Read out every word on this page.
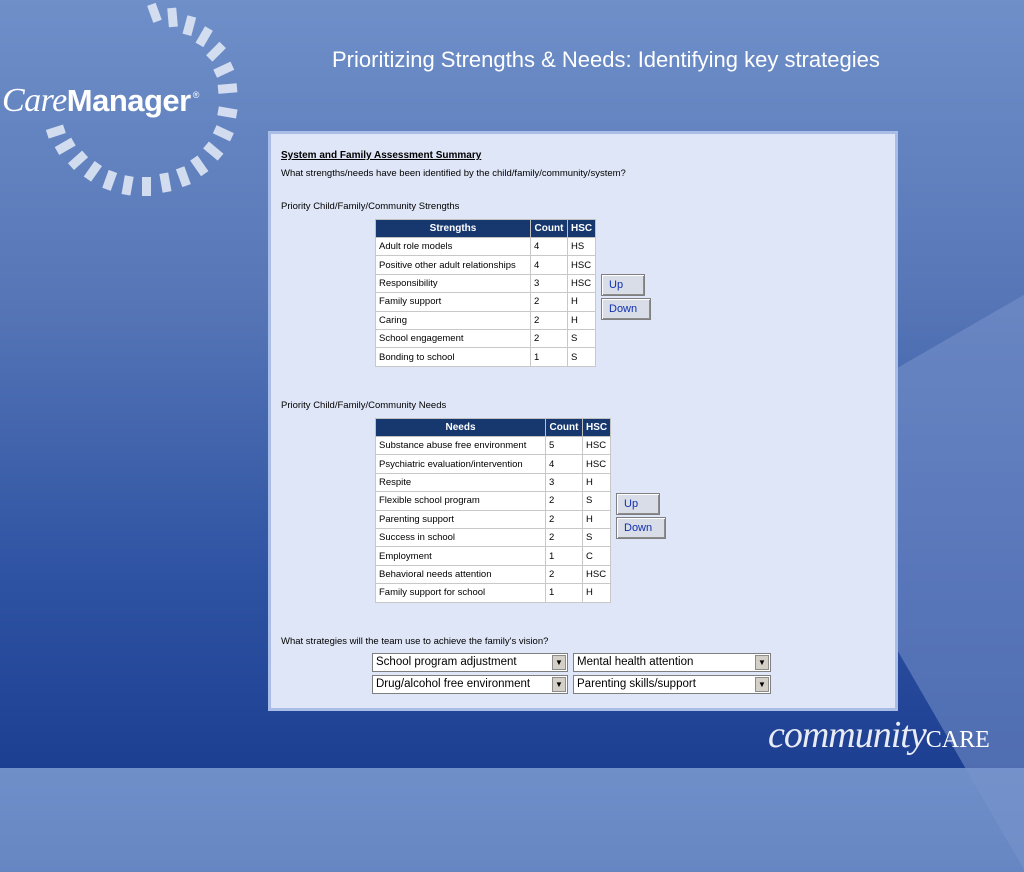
CareManager ®
Prioritizing Strengths & Needs: Identifying key strategies
System and Family Assessment Summary
What strengths/needs have been identified by the child/family/community/system?
Priority Child/Family/Community Strengths
Strengths	Count	HSC
Adult role models	4	HS
Positive other adult relationships	4	HSC
Responsibility	3	HSC
Family support	2	H
Caring	2	H
School engagement	2	S
Bonding to school	1	S
Up
Down
Priority Child/Family/Community Needs
Needs	Count	HSC
Substance abuse free environment	5	HSC
Psychiatric evaluation/intervention	4	HSC
Respite	3	H
Flexible school program	2	S
Parenting support	2	H
Success in school	2	S
Employment	1	C
Behavioral needs attention	2	HSC
Family support for school	1	H
Up
Down
What strategies will the team use to achieve the family's vision?
School program adjustment	▼	Mental health attention	▼
Drug/alcohol free environment	▼	Parenting skills/support	▼
communityCARE
